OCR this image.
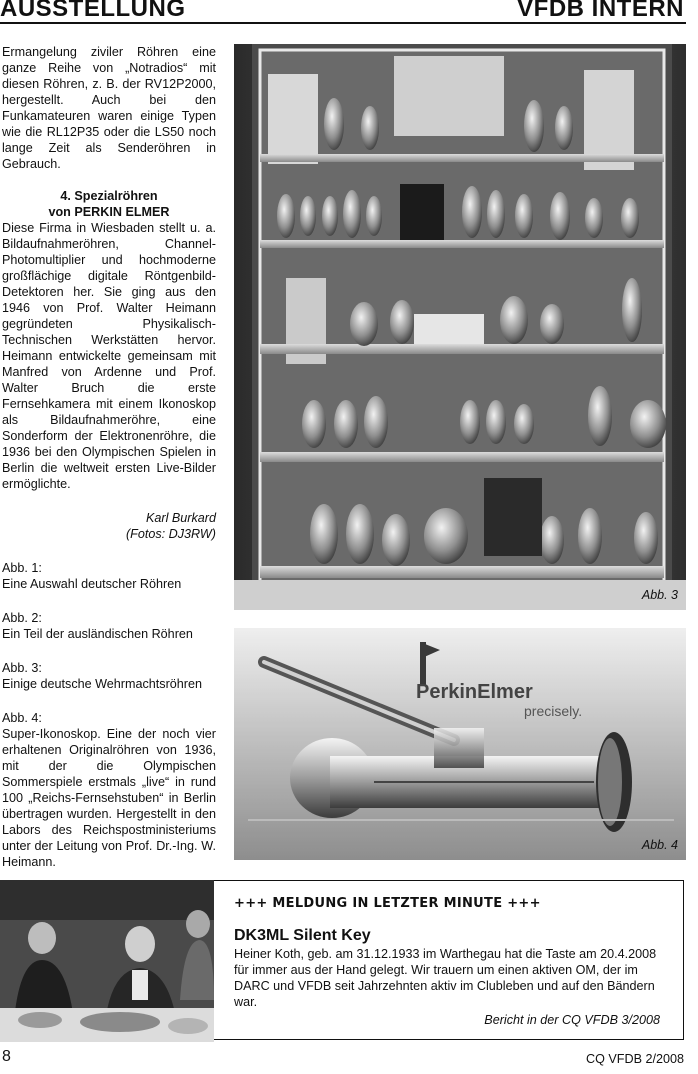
AUSSTELLUNG	VFDB INTERN

Ermangelung ziviler Röhren eine ganze Reihe von „Notradios“ mit diesen Röhren, z. B. der RV12P2000, hergestellt. Auch bei den Funkamateuren waren einige Typen wie die RL12P35 oder die LS50 noch lange Zeit als Senderöhren in Gebrauch.

4. Spezialröhren
von PERKIN ELMER

Diese Firma in Wiesbaden stellt u. a. Bildaufnahmeröhren, Channel-Photomultiplier und hochmoderne großflächige digitale Röntgenbild-Detektoren her. Sie ging aus den 1946 von Prof. Walter Heimann gegründeten Physikalisch-Technischen Werkstätten hervor. Heimann entwickelte gemeinsam mit Manfred von Ardenne und Prof. Walter Bruch die erste Fernsehkamera mit einem Ikonoskop als Bildaufnahmeröhre, eine Sonderform der Elektronenröhre, die 1936 bei den Olympischen Spielen in Berlin die weltweit ersten Live-Bilder ermöglichte.

Karl Burkard
(Fotos: DJ3RW)
Abb. 1:
Eine Auswahl deutscher Röhren
Abb. 2:
Ein Teil der ausländischen Röhren
Abb. 3:
Einige deutsche Wehrmachtsröhren
Abb. 4:
Super-Ikonoskop. Eine der noch vier erhaltenen Originalröhren von 1936, mit der die Olympischen Sommerspiele erstmals „live“ in rund 100 „Reichs-Fernsehstuben“ in Berlin übertragen wurden. Hergestellt in den Labors des Reichspostministeriums unter der Leitung von Prof. Dr.-Ing. W. Heimann.
Abb. 3
PerkinElmer
precisely.
Abb. 4
+++ MELDUNG IN LETZTER MINUTE +++
DK3ML Silent Key
Heiner Koth, geb. am 31.12.1933 im Warthegau hat die Taste am 20.4.2008 für immer aus der Hand gelegt. Wir trauern um einen aktiven OM, der im DARC und VFDB seit Jahrzehnten aktiv im Clubleben und auf den Bändern war.
Bericht in der CQ VFDB 3/2008
8	CQ VFDB 2/2008
